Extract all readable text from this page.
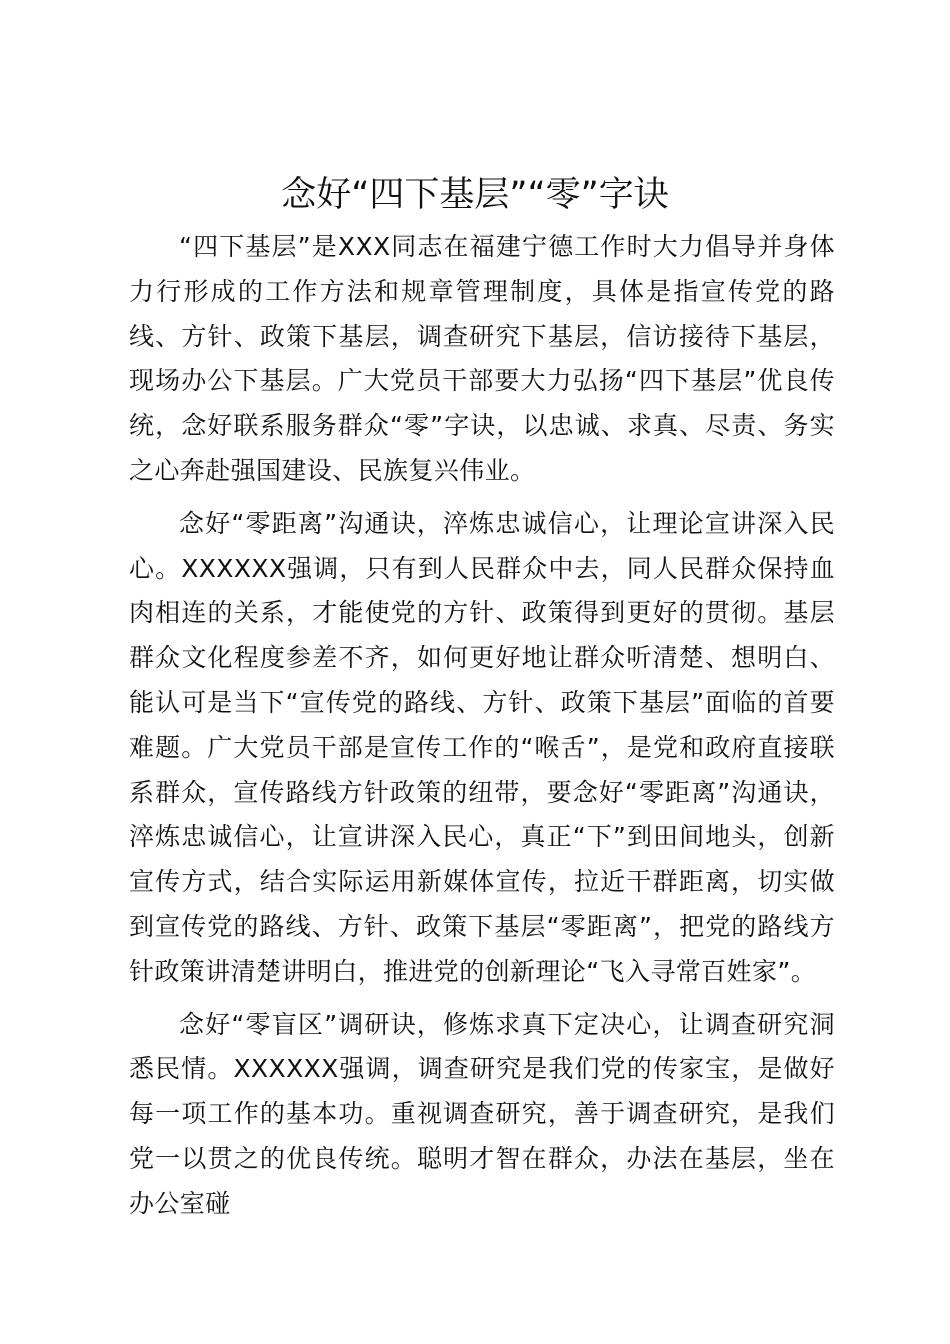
念好“四下基层”“零”字诀

“四下基层”是XXX同志在福建宁德工作时大力倡导并身体力行形成的工作方法和规章管理制度，具体是指宣传党的路线、方针、政策下基层，调查研究下基层，信访接待下基层，现场办公下基层。广大党员干部要大力弘扬“四下基层”优良传统，念好联系服务群众“零”字诀，以忠诚、求真、尽责、务实之心奔赴强国建设、民族复兴伟业。

念好“零距离”沟通诀，淬炼忠诚信心，让理论宣讲深入民心。XXXXXX强调，只有到人民群众中去，同人民群众保持血肉相连的关系，才能使党的方针、政策得到更好的贯彻。基层群众文化程度参差不齐，如何更好地让群众听清楚、想明白、能认可是当下“宣传党的路线、方针、政策下基层”面临的首要难题。广大党员干部是宣传工作的“喉舌”，是党和政府直接联系群众，宣传路线方针政策的纽带，要念好“零距离”沟通诀，淬炼忠诚信心，让宣讲深入民心，真正“下”到田间地头，创新宣传方式，结合实际运用新媒体宣传，拉近干群距离，切实做到宣传党的路线、方针、政策下基层“零距离”，把党的路线方针政策讲清楚讲明白，推进党的创新理论“飞入寻常百姓家”。

念好“零盲区”调研诀，修炼求真下定决心，让调查研究洞悉民情。XXXXXX强调，调查研究是我们党的传家宝，是做好每一项工作的基本功。重视调查研究，善于调查研究，是我们党一以贯之的优良传统。聪明才智在群众，办法在基层，坐在办公室碰
